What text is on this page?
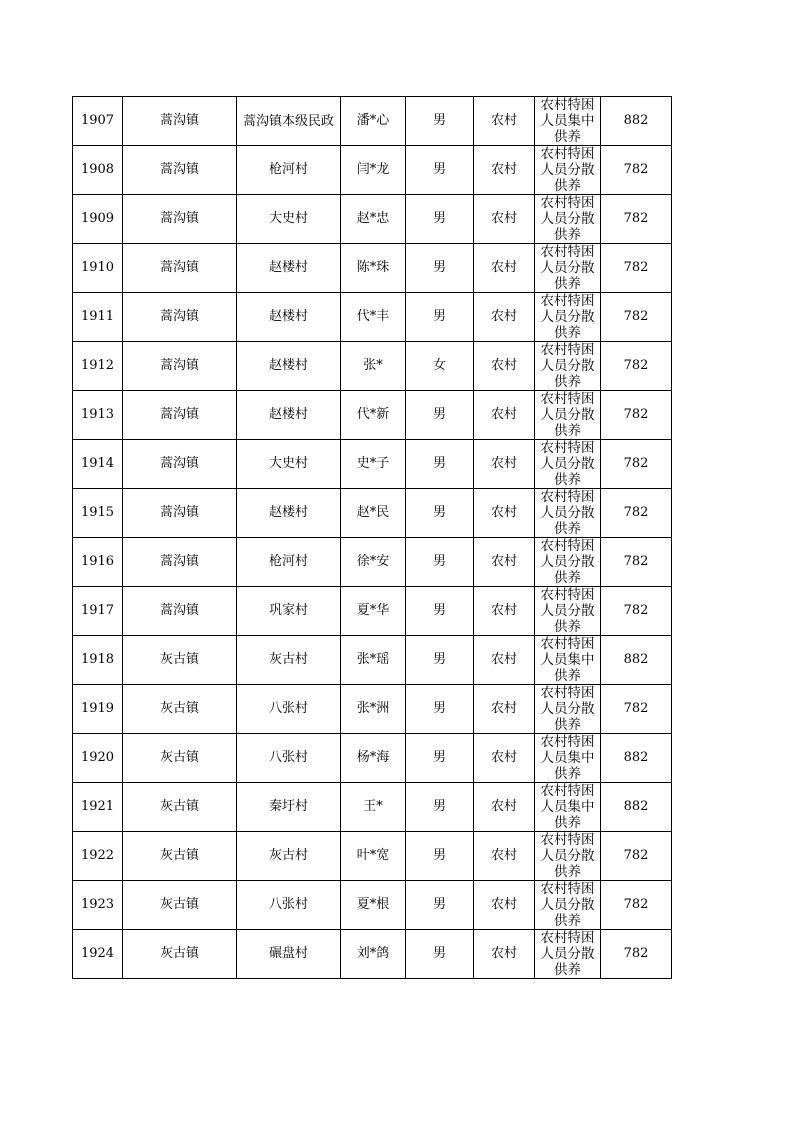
1907	蒿沟镇	蒿沟镇本级民政	潘*心	男	农村	农村特困人员集中供养	882
1908	蒿沟镇	枪河村	闫*龙	男	农村	农村特困人员分散供养	782
1909	蒿沟镇	大史村	赵*忠	男	农村	农村特困人员分散供养	782
1910	蒿沟镇	赵楼村	陈*珠	男	农村	农村特困人员分散供养	782
1911	蒿沟镇	赵楼村	代*丰	男	农村	农村特困人员分散供养	782
1912	蒿沟镇	赵楼村	张*	女	农村	农村特困人员分散供养	782
1913	蒿沟镇	赵楼村	代*新	男	农村	农村特困人员分散供养	782
1914	蒿沟镇	大史村	史*子	男	农村	农村特困人员分散供养	782
1915	蒿沟镇	赵楼村	赵*民	男	农村	农村特困人员分散供养	782
1916	蒿沟镇	枪河村	徐*安	男	农村	农村特困人员分散供养	782
1917	蒿沟镇	巩家村	夏*华	男	农村	农村特困人员分散供养	782
1918	灰古镇	灰古村	张*瑶	男	农村	农村特困人员集中供养	882
1919	灰古镇	八张村	张*洲	男	农村	农村特困人员分散供养	782
1920	灰古镇	八张村	杨*海	男	农村	农村特困人员集中供养	882
1921	灰古镇	秦圩村	王*	男	农村	农村特困人员集中供养	882
1922	灰古镇	灰古村	叶*宽	男	农村	农村特困人员分散供养	782
1923	灰古镇	八张村	夏*根	男	农村	农村特困人员分散供养	782
1924	灰古镇	碾盘村	刘*鸽	男	农村	农村特困人员分散供养	782
